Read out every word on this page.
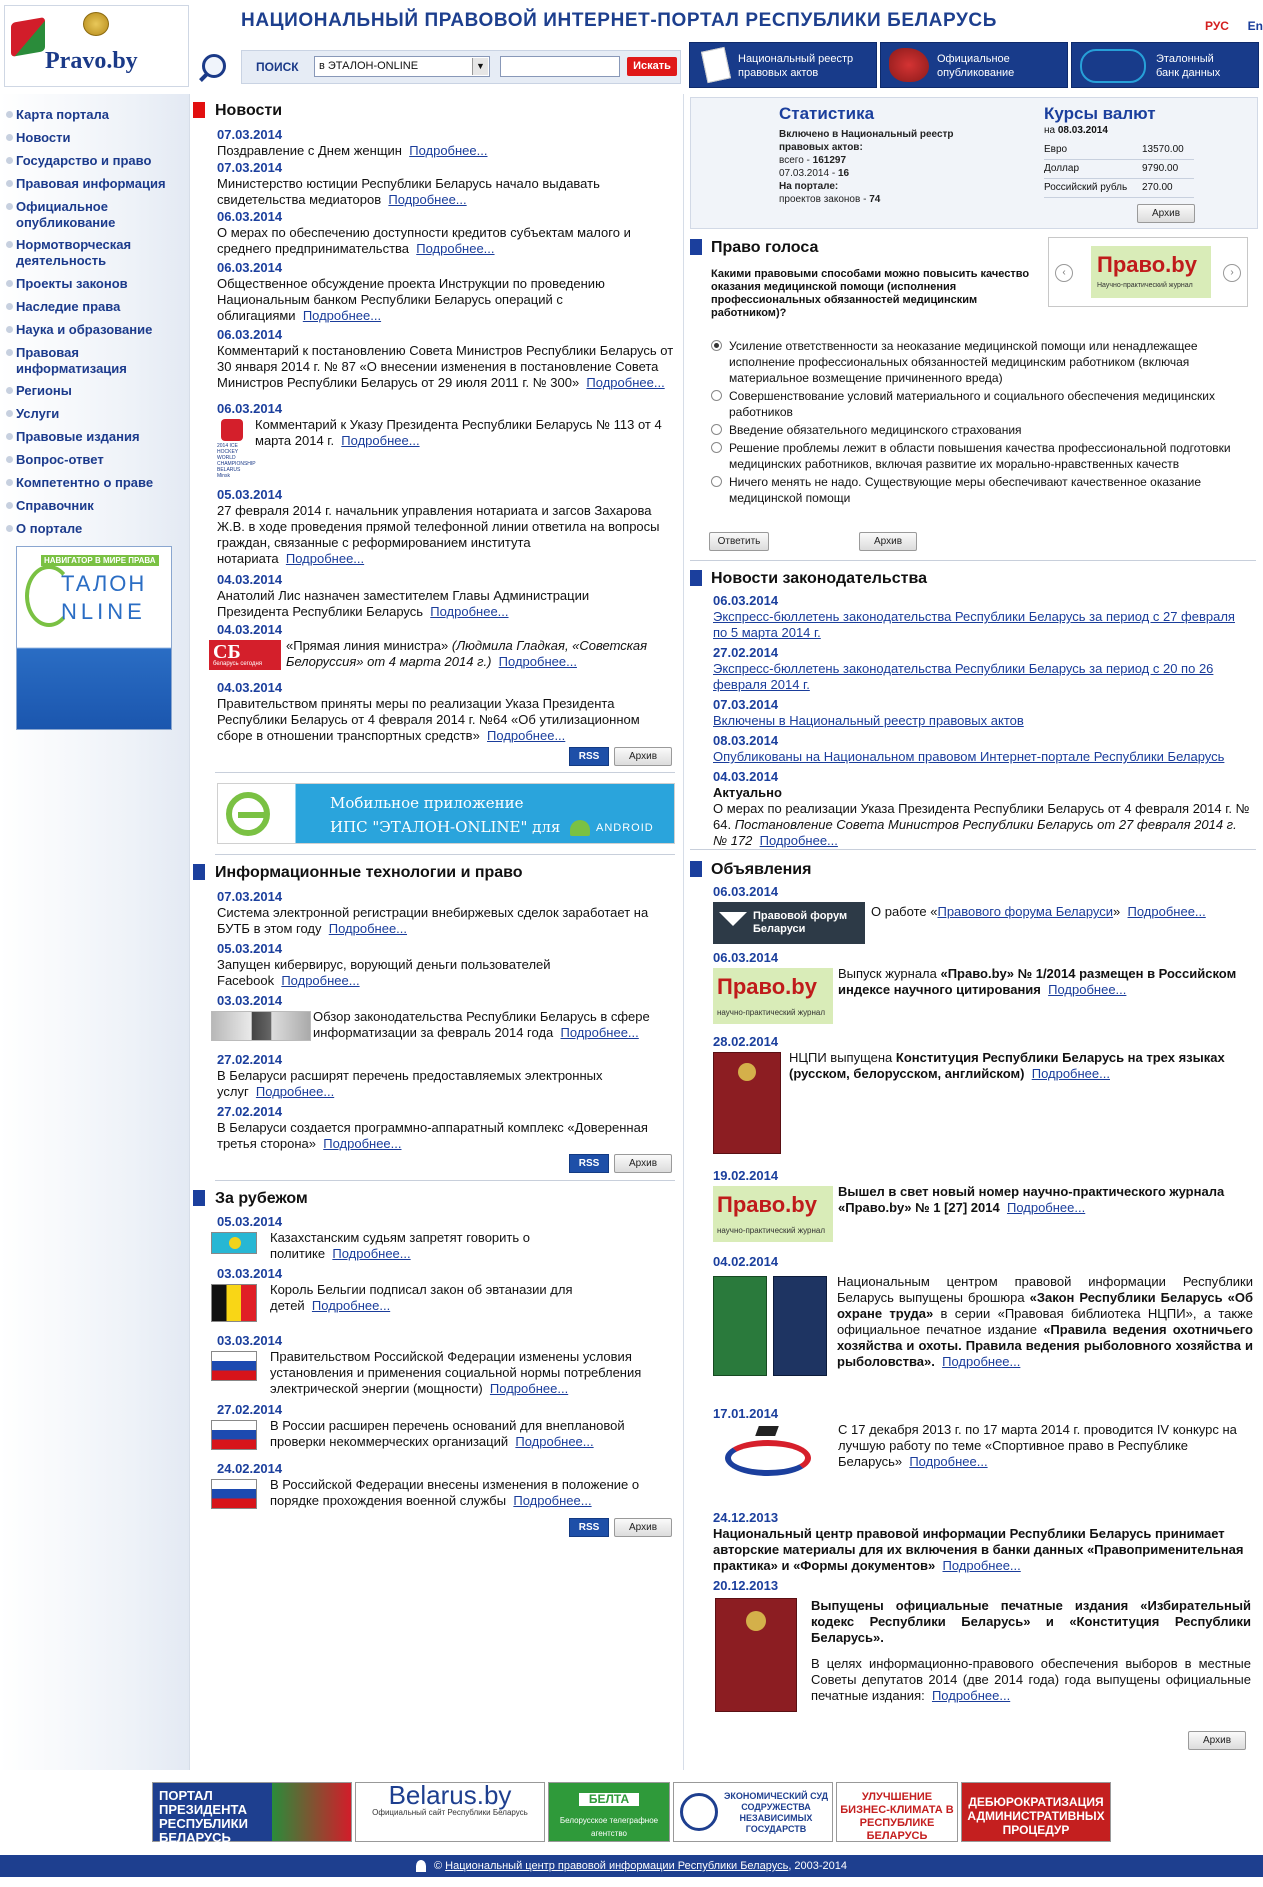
Pravo.by
НАЦИОНАЛЬНЫЙ ПРАВОВОЙ ИНТЕРНЕТ-ПОРТАЛ РЕСПУБЛИКИ БЕЛАРУСЬ	РУС En
ПОИСК	в ЭТАЛОН-ONLINE	▼	Искать
Национальный реестр
правовых актов
Официальное
опубликование
Эталонный
банк данных
Карта портала
Новости
Государство и право
Правовая информация
Официальное опубликование
Нормотворческая деятельность
Проекты законов
Наследие права
Наука и образование
Правовая информатизация
Регионы
Услуги
Правовые издания
Вопрос-ответ
Компетентно о праве
Справочник
О портале
НАВИГАТОР В МИРЕ ПРАВА
ТАЛОН
NLINE
Новости
07.03.2014
Поздравление с Днем женщин Подробнее...
07.03.2014
Министерство юстиции Республики Беларусь начало выдавать свидетельства медиаторов Подробнее...
06.03.2014
О мерах по обеспечению доступности кредитов субъектам малого и среднего предпринимательства Подробнее...
06.03.2014
Общественное обсуждение проекта Инструкции по проведению Национальным банком Республики Беларусь операций с облигациями Подробнее...
06.03.2014
Комментарий к постановлению Совета Министров Республики Беларусь от 30 января 2014 г. № 87 «О внесении изменения в постановление Совета Министров Республики Беларусь от 29 июля 2011 г. № 300» Подробнее...
06.03.2014
2014 ICE HOCKEY WORLD CHAMPIONSHIP BELARUS Minsk
Комментарий к Указу Президента Республики Беларусь № 113 от 4 марта 2014 г. Подробнее...
05.03.2014
27 февраля 2014 г. начальник управления нотариата и загсов Захарова Ж.В. в ходе проведения прямой телефонной линии ответила на вопросы граждан, связанные с реформированием института нотариата Подробнее...
04.03.2014
Анатолий Лис назначен заместителем Главы Администрации Президента Республики Беларусь Подробнее...
04.03.2014
СБ
беларусь сегодня
«Прямая линия министра» (Людмила Гладкая, «Советская Белоруссия» от 4 марта 2014 г.) Подробнее...
04.03.2014
Правительством приняты меры по реализации Указа Президента Республики Беларусь от 4 февраля 2014 г. №64 «Об утилизационном сборе в отношении транспортных средств» Подробнее...
RSS	Архив
Мобильное приложение
ИПС "ЭТАЛОН-ONLINE" для	ANDROID
Информационные технологии и право
07.03.2014
Система электронной регистрации внебиржевых сделок заработает на БУТБ в этом году Подробнее...
05.03.2014
Запущен кибервирус, ворующий деньги пользователей Facebook Подробнее...
03.03.2014
Обзор законодательства Республики Беларусь в сфере информатизации за февраль 2014 года Подробнее...
27.02.2014
В Беларуси расширят перечень предоставляемых электронных услуг Подробнее...
27.02.2014
В Беларуси создается программно-аппаратный комплекс «Доверенная третья сторона» Подробнее...
RSS	Архив
За рубежом
05.03.2014
Казахстанским судьям запретят говорить о политике Подробнее...
03.03.2014
Король Бельгии подписал закон об эвтаназии для детей Подробнее...
03.03.2014
Правительством Российской Федерации изменены условия установления и применения социальной нормы потребления электрической энергии (мощности) Подробнее...
27.02.2014
В России расширен перечень оснований для внеплановой проверки некоммерческих организаций Подробнее...
24.02.2014
В Российской Федерации внесены изменения в положение о порядке прохождения военной службы Подробнее...
RSS	Архив
Статистика
Включено в Национальный реестр правовых актов:
всего - 161297
07.03.2014 - 16
На портале:
проектов законов - 74
Курсы валют
на 08.03.2014
Евро	13570.00
Доллар	9790.00
Российский рубль 270.00
Архив
Право голоса
Какими правовыми способами можно повысить качество оказания медицинской помощи (исполнения профессиональных обязанностей медицинским работником)?
‹	›
Право.by
Научно-практический журнал
Усиление ответственности за неоказание медицинской помощи или ненадлежащее исполнение профессиональных обязанностей медицинским работником (включая материальное возмещение причиненного вреда)
Совершенствование условий материального и социального обеспечения медицинских работников
Введение обязательного медицинского страхования
Решение проблемы лежит в области повышения качества профессиональной подготовки медицинских работников, включая развитие их морально-нравственных качеств
Ничего менять не надо. Существующие меры обеспечивают качественное оказание медицинской помощи
Ответить	Архив
Новости законодательства
06.03.2014
Экспресс-бюллетень законодательства Республики Беларусь за период с 27 февраля по 5 марта 2014 г.
27.02.2014
Экспресс-бюллетень законодательства Республики Беларусь за период с 20 по 26 февраля 2014 г.
07.03.2014
Включены в Национальный реестр правовых актов
08.03.2014
Опубликованы на Национальном правовом Интернет-портале Республики Беларусь
04.03.2014
Актуально
О мерах по реализации Указа Президента Республики Беларусь от 4 февраля 2014 г. № 64. Постановление Совета Министров Республики Беларусь от 27 февраля 2014 г. № 172 Подробнее...
Объявления
06.03.2014
Правовой форум Беларуси
О работе «Правового форума Беларуси» Подробнее...
06.03.2014
Право.by
научно-практический журнал
Выпуск журнала «Право.by» № 1/2014 размещен в Российском индексе научного цитирования Подробнее...
28.02.2014
НЦПИ выпущена Конституция Республики Беларусь на трех языках (русском, белорусском, английском) Подробнее...
19.02.2014
Право.by
научно-практический журнал
Вышел в свет новый номер научно-практического журнала «Право.by» № 1 [27] 2014 Подробнее...
04.02.2014
Национальным центром правовой информации Республики Беларусь выпущены брошюра «Закон Республики Беларусь «Об охране труда» в серии «Правовая библиотека НЦПИ», а также официальное печатное издание «Правила ведения охотничьего хозяйства и охоты. Правила ведения рыболовного хозяйства и рыболовства». Подробнее...
17.01.2014
С 17 декабря 2013 г. по 17 марта 2014 г. проводится IV конкурс на лучшую работу по теме «Спортивное право в Республике Беларусь» Подробнее...
24.12.2013
Национальный центр правовой информации Республики Беларусь принимает авторские материалы для их включения в банки данных «Правоприменительная практика» и «Формы документов» Подробнее...
20.12.2013
Выпущены официальные печатные издания «Избирательный кодекс Республики Беларусь» и «Конституция Республики Беларусь».
В целях информационно-правового обеспечения выборов в местные Советы депутатов 2014 (две 2014 года) года выпущены официальные печатные издания: Подробнее...
Архив
ПОРТАЛ ПРЕЗИДЕНТА РЕСПУБЛИКИ БЕЛАРУСЬ
Belarus.by
Официальный сайт Республики Беларусь
БЕЛТА
Белорусское телеграфное агентство
ЭКОНОМИЧЕСКИЙ СУД СОДРУЖЕСТВА НЕЗАВИСИМЫХ ГОСУДАРСТВ
УЛУЧШЕНИЕ БИЗНЕС-КЛИМАТА В РЕСПУБЛИКЕ БЕЛАРУСЬ
ДЕБЮРОКРАТИЗАЦИЯ АДМИНИСТРАТИВНЫХ ПРОЦЕДУР
© Национальный центр правовой информации Республики Беларусь, 2003-2014
